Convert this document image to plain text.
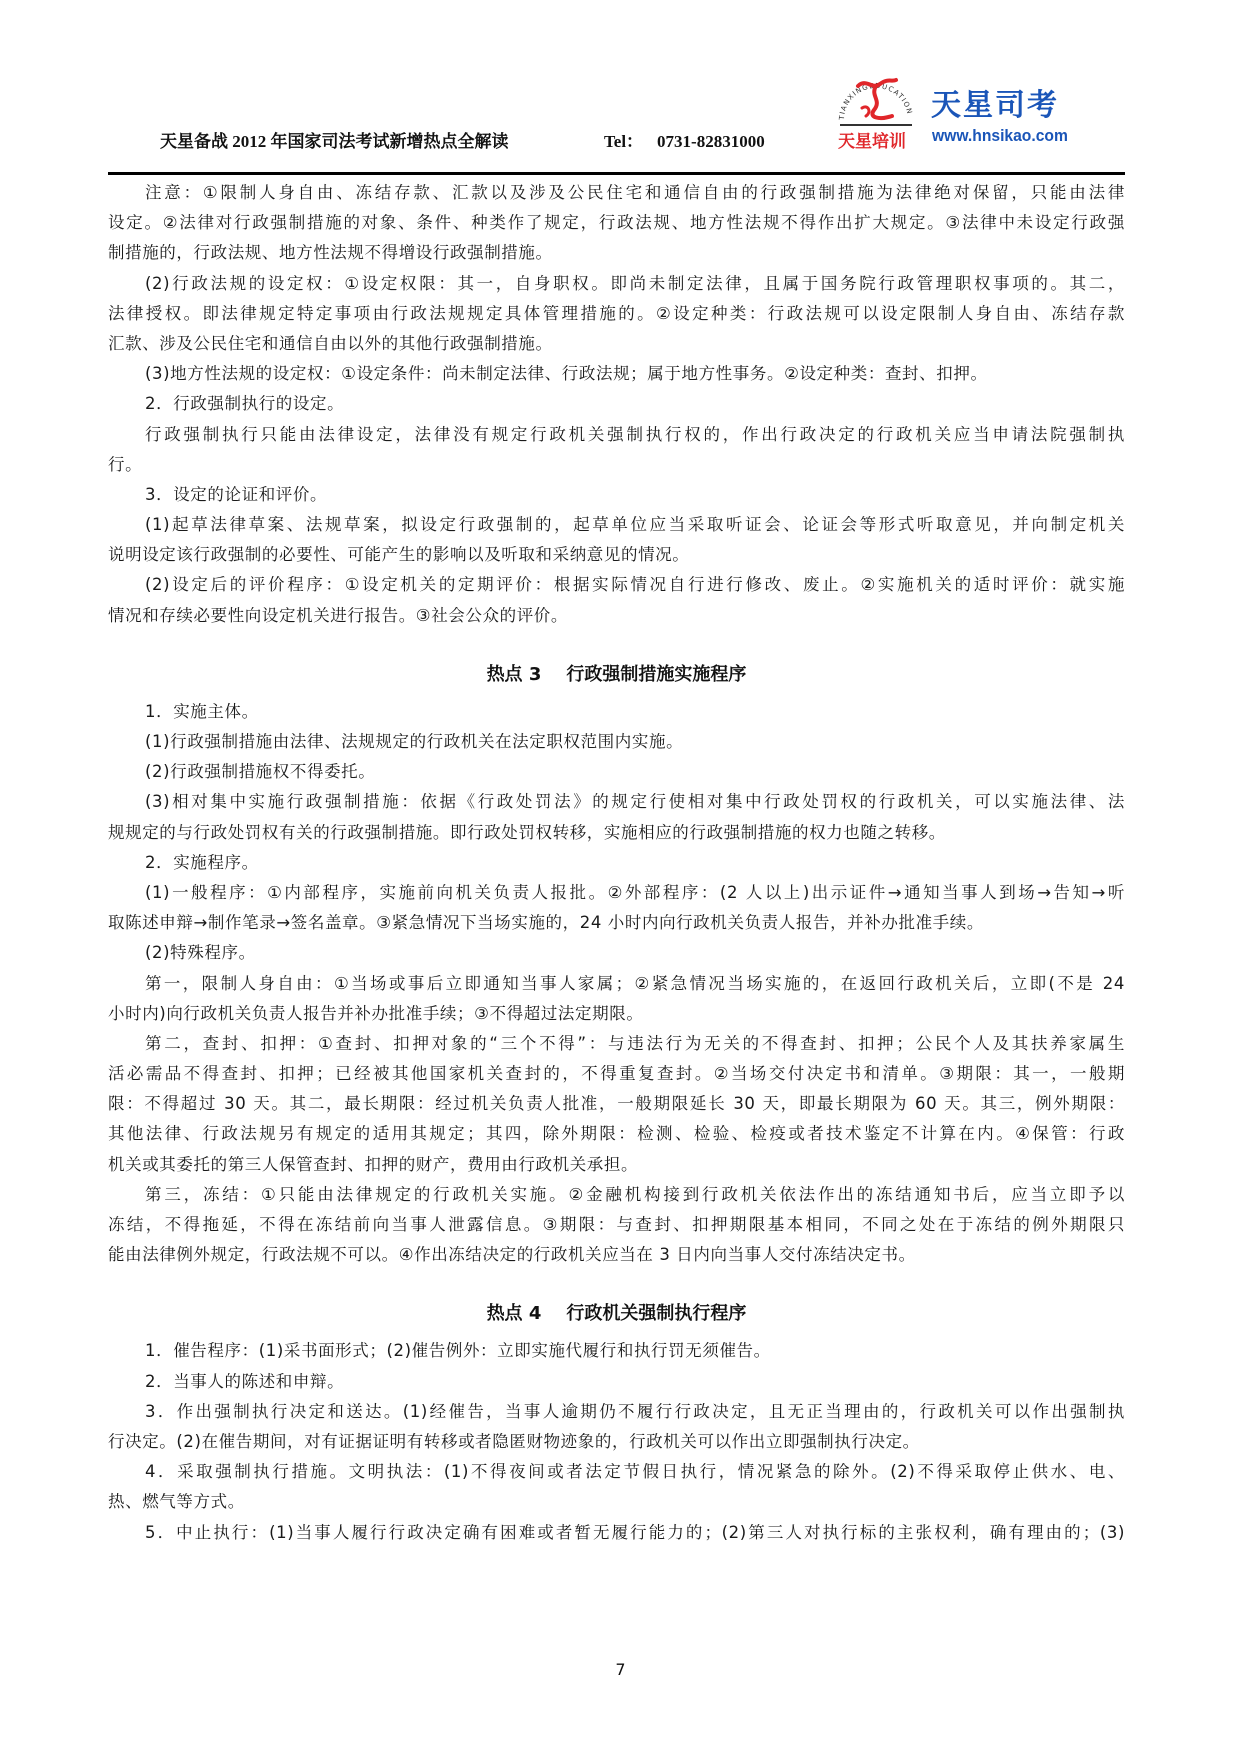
天星备战 2012 年国家司法考试新增热点全解读	Tel： 0731-82831000
TIANXINGEDUCATION
天星培训
天星司考
www.hnsikao.com
注意：①限制人身自由、冻结存款、汇款以及涉及公民住宅和通信自由的行政强制措施为法律绝对保留，只能由法律
设定。②法律对行政强制措施的对象、条件、种类作了规定，行政法规、地方性法规不得作出扩大规定。③法律中未设定行政强
制措施的，行政法规、地方性法规不得增设行政强制措施。
(2)行政法规的设定权：①设定权限：其一，自身职权。即尚未制定法律，且属于国务院行政管理职权事项的。其二，
法律授权。即法律规定特定事项由行政法规规定具体管理措施的。②设定种类：行政法规可以设定限制人身自由、冻结存款
汇款、涉及公民住宅和通信自由以外的其他行政强制措施。
(3)地方性法规的设定权：①设定条件：尚未制定法律、行政法规；属于地方性事务。②设定种类：查封、扣押。
2．行政强制执行的设定。
行政强制执行只能由法律设定，法律没有规定行政机关强制执行权的，作出行政决定的行政机关应当申请法院强制执
行。
3．设定的论证和评价。
(1)起草法律草案、法规草案，拟设定行政强制的，起草单位应当采取听证会、论证会等形式听取意见，并向制定机关
说明设定该行政强制的必要性、可能产生的影响以及听取和采纳意见的情况。
(2)设定后的评价程序：①设定机关的定期评价：根据实际情况自行进行修改、废止。②实施机关的适时评价：就实施
情况和存续必要性向设定机关进行报告。③社会公众的评价。
热点 3    行政强制措施实施程序
1．实施主体。
(1)行政强制措施由法律、法规规定的行政机关在法定职权范围内实施。
(2)行政强制措施权不得委托。
(3)相对集中实施行政强制措施：依据《行政处罚法》的规定行使相对集中行政处罚权的行政机关，可以实施法律、法
规规定的与行政处罚权有关的行政强制措施。即行政处罚权转移，实施相应的行政强制措施的权力也随之转移。
2．实施程序。
(1)一般程序：①内部程序，实施前向机关负责人报批。②外部程序：(2 人以上)出示证件→通知当事人到场→告知→听
取陈述申辩→制作笔录→签名盖章。③紧急情况下当场实施的，24 小时内向行政机关负责人报告，并补办批准手续。
(2)特殊程序。
第一，限制人身自由：①当场或事后立即通知当事人家属；②紧急情况当场实施的，在返回行政机关后，立即(不是 24
小时内)向行政机关负责人报告并补办批准手续；③不得超过法定期限。
第二，查封、扣押：①查封、扣押对象的“三个不得”：与违法行为无关的不得查封、扣押；公民个人及其扶养家属生
活必需品不得查封、扣押；已经被其他国家机关查封的，不得重复查封。②当场交付决定书和清单。③期限：其一，一般期
限：不得超过 30 天。其二，最长期限：经过机关负责人批准，一般期限延长 30 天，即最长期限为 60 天。其三，例外期限：
其他法律、行政法规另有规定的适用其规定；其四，除外期限：检测、检验、检疫或者技术鉴定不计算在内。④保管：行政
机关或其委托的第三人保管查封、扣押的财产，费用由行政机关承担。
第三，冻结：①只能由法律规定的行政机关实施。②金融机构接到行政机关依法作出的冻结通知书后，应当立即予以
冻结，不得拖延，不得在冻结前向当事人泄露信息。③期限：与查封、扣押期限基本相同，不同之处在于冻结的例外期限只
能由法律例外规定，行政法规不可以。④作出冻结决定的行政机关应当在 3 日内向当事人交付冻结决定书。
热点 4    行政机关强制执行程序
1．催告程序：(1)采书面形式；(2)催告例外：立即实施代履行和执行罚无须催告。
2．当事人的陈述和申辩。
3．作出强制执行决定和送达。(1)经催告，当事人逾期仍不履行行政决定，且无正当理由的，行政机关可以作出强制执
行决定。(2)在催告期间，对有证据证明有转移或者隐匿财物迹象的，行政机关可以作出立即强制执行决定。
4．采取强制执行措施。文明执法：(1)不得夜间或者法定节假日执行，情况紧急的除外。(2)不得采取停止供水、电、
热、燃气等方式。
5．中止执行：(1)当事人履行行政决定确有困难或者暂无履行能力的；(2)第三人对执行标的主张权利，确有理由的；(3)
7
